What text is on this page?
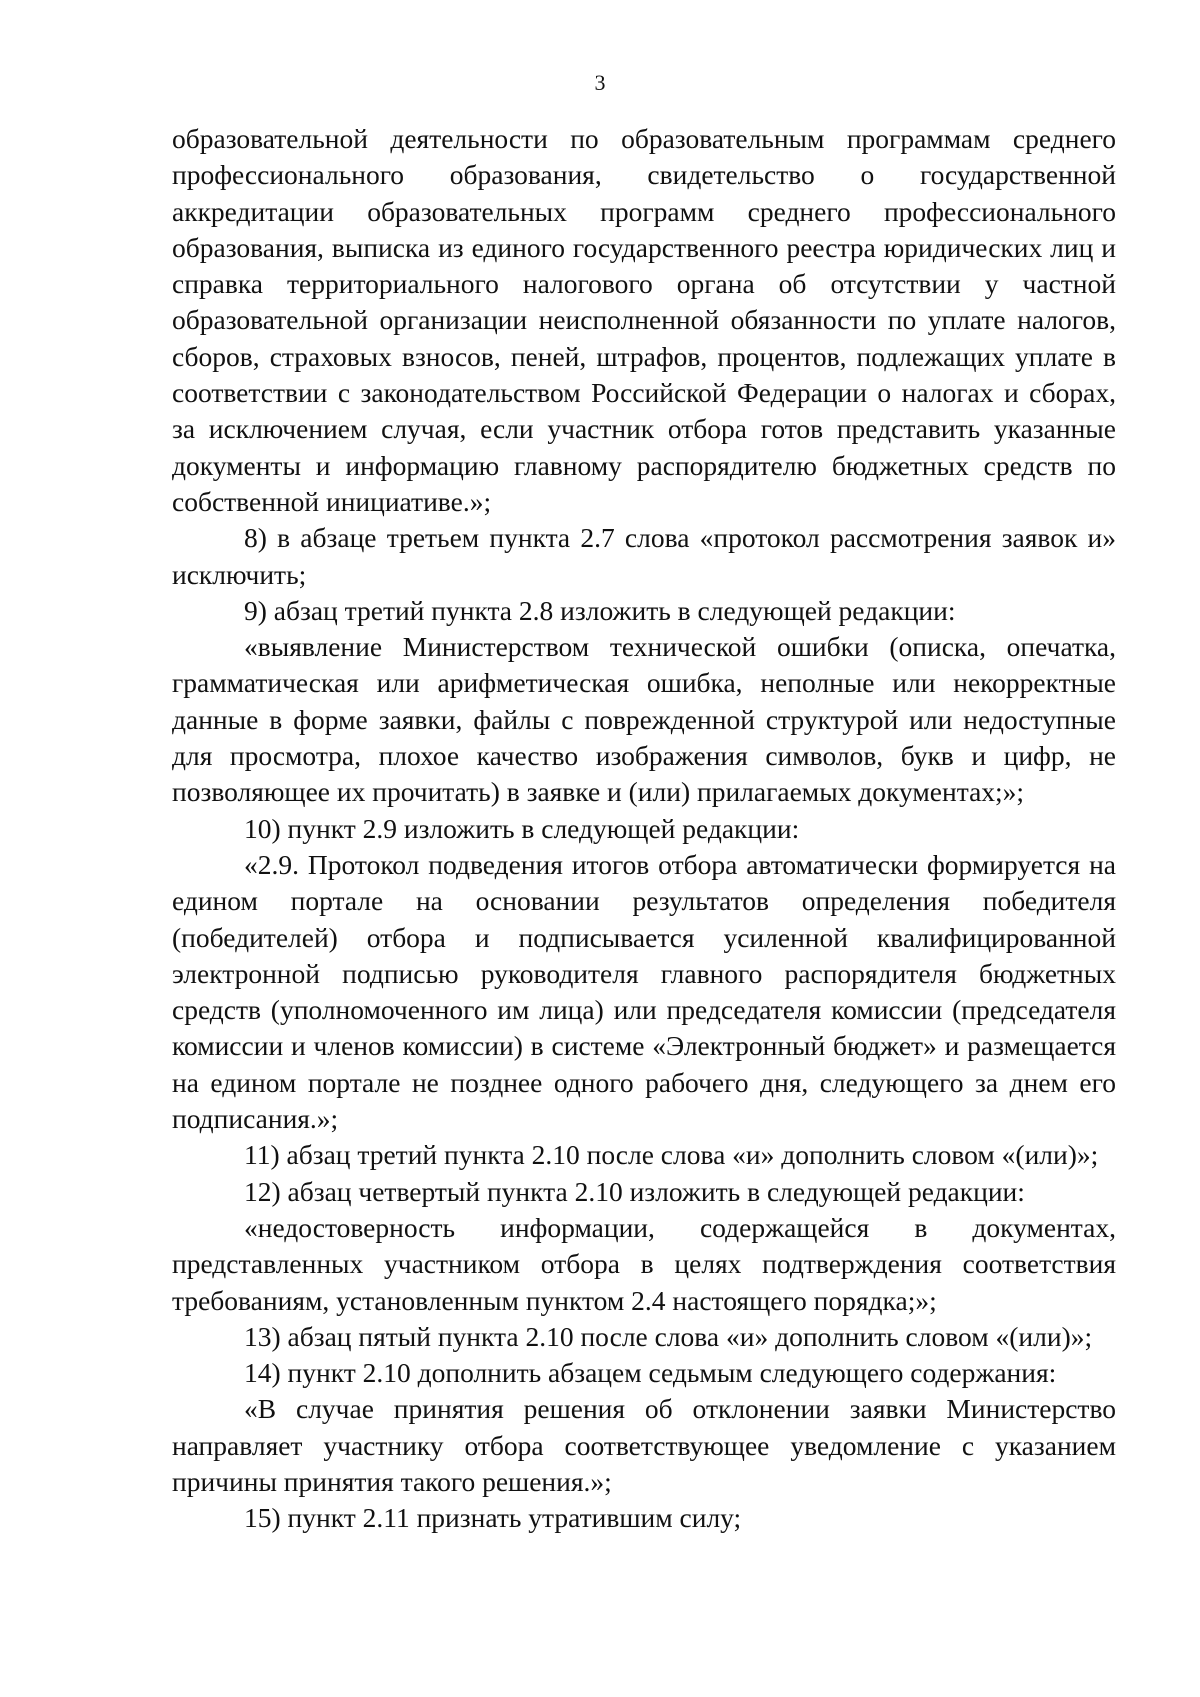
3

образовательной деятельности по образовательным программам среднего профессионального образования, свидетельство о государственной аккредитации образовательных программ среднего профессионального образования, выписка из единого государственного реестра юридических лиц и справка территориального налогового органа об отсутствии у частной образовательной организации неисполненной обязанности по уплате налогов, сборов, страховых взносов, пеней, штрафов, процентов, подлежащих уплате в соответствии с законодательством Российской Федерации о налогах и сборах, за исключением случая, если участник отбора готов представить указанные документы и информацию главному распорядителю бюджетных средств по собственной инициативе.»;

8) в абзаце третьем пункта 2.7 слова «протокол рассмотрения заявок и» исключить;

9) абзац третий пункта 2.8 изложить в следующей редакции:

«выявление Министерством технической ошибки (описка, опечатка, грамматическая или арифметическая ошибка, неполные или некорректные данные в форме заявки, файлы с поврежденной структурой или недоступные для просмотра, плохое качество изображения символов, букв и цифр, не позволяющее их прочитать) в заявке и (или) прилагаемых документах;»;

10) пункт 2.9 изложить в следующей редакции:

«2.9. Протокол подведения итогов отбора автоматически формируется на едином портале на основании результатов определения победителя (победителей) отбора и подписывается усиленной квалифицированной электронной подписью руководителя главного распорядителя бюджетных средств (уполномоченного им лица) или председателя комиссии (председателя комиссии и членов комиссии) в системе «Электронный бюджет» и размещается на едином портале не позднее одного рабочего дня, следующего за днем его подписания.»;

11) абзац третий пункта 2.10 после слова «и» дополнить словом «(или)»;

12) абзац четвертый пункта 2.10 изложить в следующей редакции:

«недостоверность информации, содержащейся в документах, представленных участником отбора в целях подтверждения соответствия требованиям, установленным пунктом 2.4 настоящего порядка;»;

13) абзац пятый пункта 2.10 после слова «и» дополнить словом «(или)»;

14) пункт 2.10 дополнить абзацем седьмым следующего содержания:

«В случае принятия решения об отклонении заявки Министерство направляет участнику отбора соответствующее уведомление с указанием причины принятия такого решения.»;

15) пункт 2.11 признать утратившим силу;
